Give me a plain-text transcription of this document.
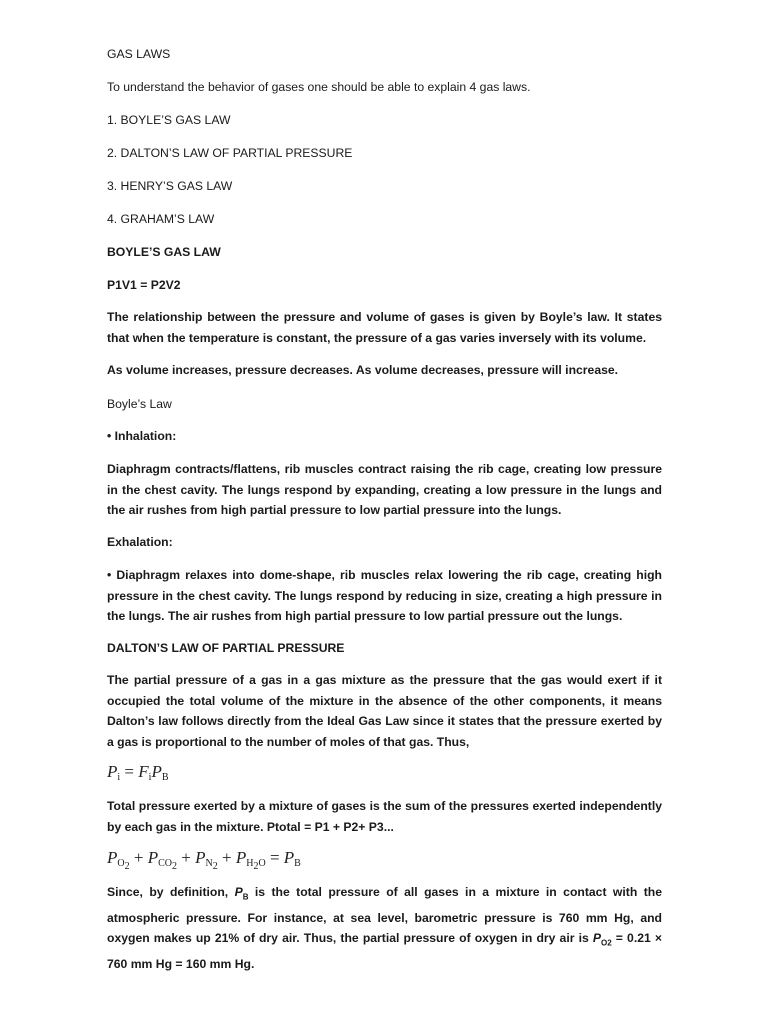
GAS LAWS
To understand the behavior of gases one should be able to explain 4 gas laws.
1. BOYLE’S GAS LAW
2. DALTON’S LAW OF PARTIAL PRESSURE
3. HENRY’S GAS LAW
4. GRAHAM’S LAW
BOYLE’S GAS LAW
P1V1 = P2V2
The relationship between the pressure and volume of gases is given by Boyle’s law. It states that when the temperature is constant, the pressure of a gas varies inversely with its volume.
As volume increases, pressure decreases. As volume decreases, pressure will increase.
Boyle’s Law
• Inhalation:
Diaphragm contracts/flattens, rib muscles contract raising the rib cage, creating low pressure in the chest cavity. The lungs respond by expanding, creating a low pressure in the lungs and the air rushes from high partial pressure to low partial pressure into the lungs.
Exhalation:
• Diaphragm relaxes into dome-shape, rib muscles relax lowering the rib cage, creating high pressure in the chest cavity. The lungs respond by reducing in size, creating a high pressure in the lungs. The air rushes from high partial pressure to low partial pressure out the lungs.
DALTON’S LAW OF PARTIAL PRESSURE
The partial pressure of a gas in a gas mixture as the pressure that the gas would exert if it occupied the total volume of the mixture in the absence of the other components, it means Dalton’s law follows directly from the Ideal Gas Law since it states that the pressure exerted by a gas is proportional to the number of moles of that gas. Thus,
$P_i = F_iP_B$
Total pressure exerted by a mixture of gases is the sum of the pressures exerted independently by each gas in the mixture. Ptotal = P1 + P2+ P3...
$P_{O_2} + P_{CO_2} + P_{N_2} + P_{H_2O} = P_B$
Since, by definition, $P_B$ is the total pressure of all gases in a mixture in contact with the atmospheric pressure. For instance, at sea level, barometric pressure is 760 mm Hg, and oxygen makes up 21% of dry air. Thus, the partial pressure of oxygen in dry air is $P_{O2} = 0.21 \times 760$ mm Hg = 160 mm Hg.
